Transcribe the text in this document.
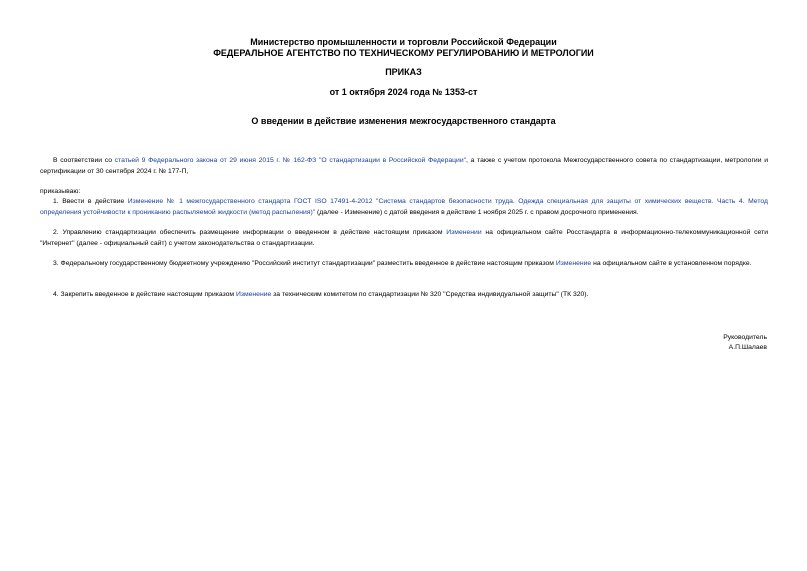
Министерство промышленности и торговли Российской Федерации
ФЕДЕРАЛЬНОЕ АГЕНТСТВО ПО ТЕХНИЧЕСКОМУ РЕГУЛИРОВАНИЮ И МЕТРОЛОГИИ
ПРИКАЗ
от 1 октября 2024 года № 1353-ст
О введении в действие изменения межгосударственного стандарта

В соответствии со статьей 9 Федерального закона от 29 июня 2015 г. № 162-ФЗ "О стандартизации в Российской Федерации", а также с учетом протокола Межгосударственного совета по стандартизации, метрологии и сертификации от 30 сентября 2024 г. № 177-П,

приказываю:

1. Ввести в действие Изменение № 1 межгосударственного стандарта ГОСТ ISO 17491-4-2012 "Система стандартов безопасности труда. Одежда специальная для защиты от химических веществ. Часть 4. Метод определения устойчивости к прониканию распыляемой жидкости (метод распыления)" (далее - Изменение) с датой введения в действие 1 ноября 2025 г. с правом досрочного применения.

2. Управлению стандартизации обеспечить размещение информации о введенном в действие настоящим приказом Изменении на официальном сайте Росстандарта в информационно-телекоммуникационной сети "Интернет" (далее - официальный сайт) с учетом законодательства о стандартизации.

3. Федеральному государственному бюджетному учреждению "Российский институт стандартизации" разместить введенное в действие настоящим приказом Изменение на официальном сайте в установленном порядке.

4. Закрепить введенное в действие настоящим приказом Изменение за техническим комитетом по стандартизации № 320 "Средства индивидуальной защиты" (ТК 320).

Руководитель
А.П.Шалаев
